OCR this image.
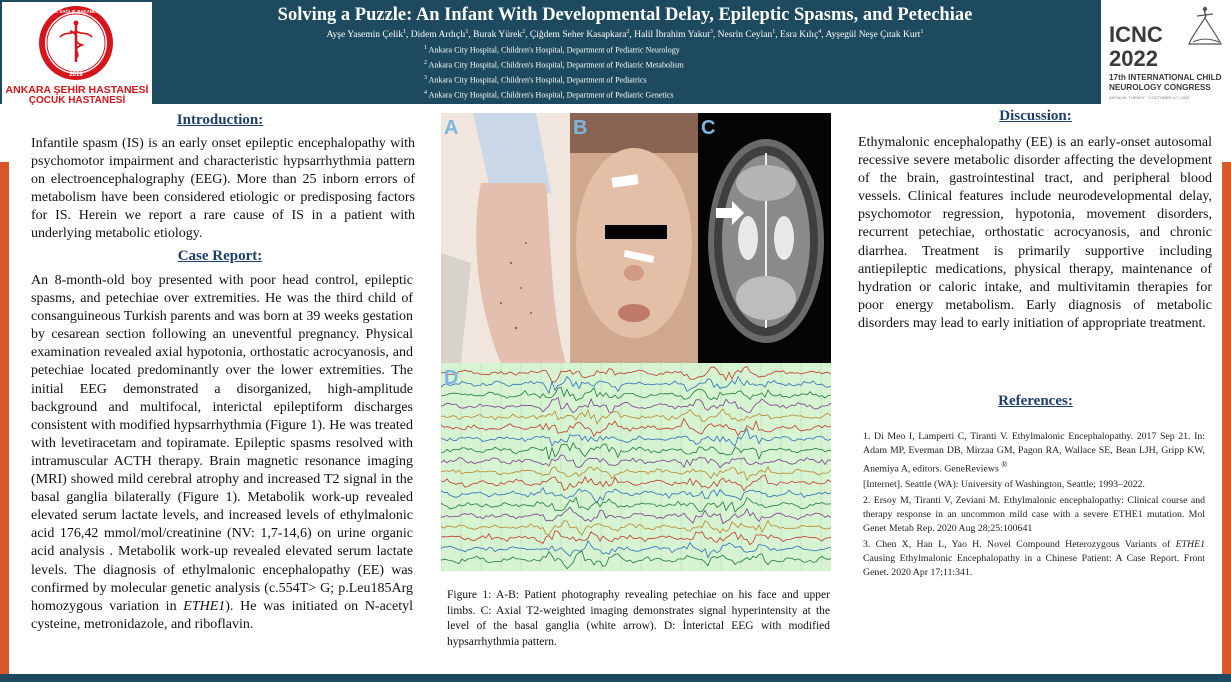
2019
T.C. SAĞLIK BAKANLIĞI
ANKARA ŞEHİR HASTANESİ
ÇOCUK HASTANESİ
Solving a Puzzle: An Infant With Developmental Delay, Epileptic Spasms, and Petechiae
Ayşe Yasemin Çelik$^1$, Didem Ardıçlı$^1$, Burak Yürek$^2$, Çiğdem Seher Kasapkara$^2$, Halil İbrahim Yakut$^3$, Nesrin Ceylan$^1$, Esra Kılıç$^4$, Ayşegül Neşe Çıtak Kurt$^1$
$^1$ Ankara City Hospital, Children's Hospital, Department of Pediatric Neurology
$^2$ Ankara City Hospital, Children's Hospital, Department of Pediatric Metabolism
$^3$ Ankara City Hospital, Children's Hospital, Department of Pediatrics
$^4$ Ankara City Hospital, Children's Hospital, Department of Pediatric Genetics
ICNC
2022
17th INTERNATIONAL CHILD
NEUROLOGY CONGRESS
ANTALYA, TURKEY · 3 OCTOBER 3-7, 2022
Introduction:
Infantile spasm (IS) is an early onset epileptic encephalopathy with psychomotor impairment and characteristic hypsarrhythmia pattern on electroencephalography (EEG). More than 25 inborn errors of metabolism have been considered etiologic or predisposing factors for IS. Herein we report a rare cause of IS in a patient with underlying metabolic etiology.
Case Report:
An 8-month-old boy presented with poor head control, epileptic spasms, and petechiae over extremities. He was the third child of consanguineous Turkish parents and was born at 39 weeks gestation by cesarean section following an uneventful pregnancy. Physical examination revealed axial hypotonia, orthostatic acrocyanosis, and petechiae located predominantly over the lower extremities. The initial EEG demonstrated a disorganized, high-amplitude background and multifocal, interictal epileptiform discharges consistent with modified hypsarrhythmia (Figure 1). He was treated with levetiracetam and topiramate. Epileptic spasms resolved with intramuscular ACTH therapy. Brain magnetic resonance imaging (MRI) showed mild cerebral atrophy and increased T2 signal in the basal ganglia bilaterally (Figure 1). Metabolik work-up revealed elevated serum lactate levels, and increased levels of ethylmalonic acid 176,42 mmol/mol/creatinine (NV: 1,7-14,6) on urine organic acid analysis . Metabolik work-up revealed elevated serum lactate levels. The diagnosis of ethylmalonic encephalopathy (EE) was confirmed by molecular genetic analysis (c.554T> G; p.Leu185Arg homozygous variation in ETHE1). He was initiated on N-acetyl cysteine, metronidazole, and riboflavin.
A	B	C
D
Figure 1: A-B: Patient photography revealing petechiae on his face and upper limbs. C: Axial T2-weighted imaging demonstrates signal hyperintensity at the level of the basal ganglia (white arrow). D: İnterictal EEG with modified hypsarrhythmia pattern.
Discussion:
Ethymalonic encephalopathy (EE) is an early-onset autosomal recessive severe metabolic disorder affecting the development of the brain, gastrointestinal tract, and peripheral blood vessels. Clinical features include neurodevelopmental delay, psychomotor regression, hypotonia, movement disorders, recurrent petechiae, orthostatic acrocyanosis, and chronic diarrhea. Treatment is primarily supportive including antiepileptic medications, physical therapy, maintenance of hydration or caloric intake, and multivitamin therapies for poor energy metabolism. Early diagnosis of metabolic disorders may lead to early initiation of appropriate treatment.
References:

1. Di Meo I, Lamperti C, Tiranti V. Ethylmalonic Encephalopathy. 2017 Sep 21. In: Adam MP, Everman DB, Mirzaa GM, Pagon RA, Wallace SE, Bean LJH, Gripp KW, Anemiya A, editors. GeneReviews ®

[Internet]. Seattle (WA): University of Washington, Seattle; 1993–2022.

2. Ersoy M, Tiranti V, Zeviani M. Ethylmalonic encephalopathy: Clinical course and therapy response in an uncommon mild case with a severe ETHE1 mutation. Mol Genet Metab Rep. 2020 Aug 28;25:100641

3. Chen X, Han L, Yao H. Novel Compound Heterozygous Variants of ETHE1 Causing Ethylmalonic Encephalopathy in a Chinese Patient: A Case Report. Front Genet. 2020 Apr 17;11:341.
